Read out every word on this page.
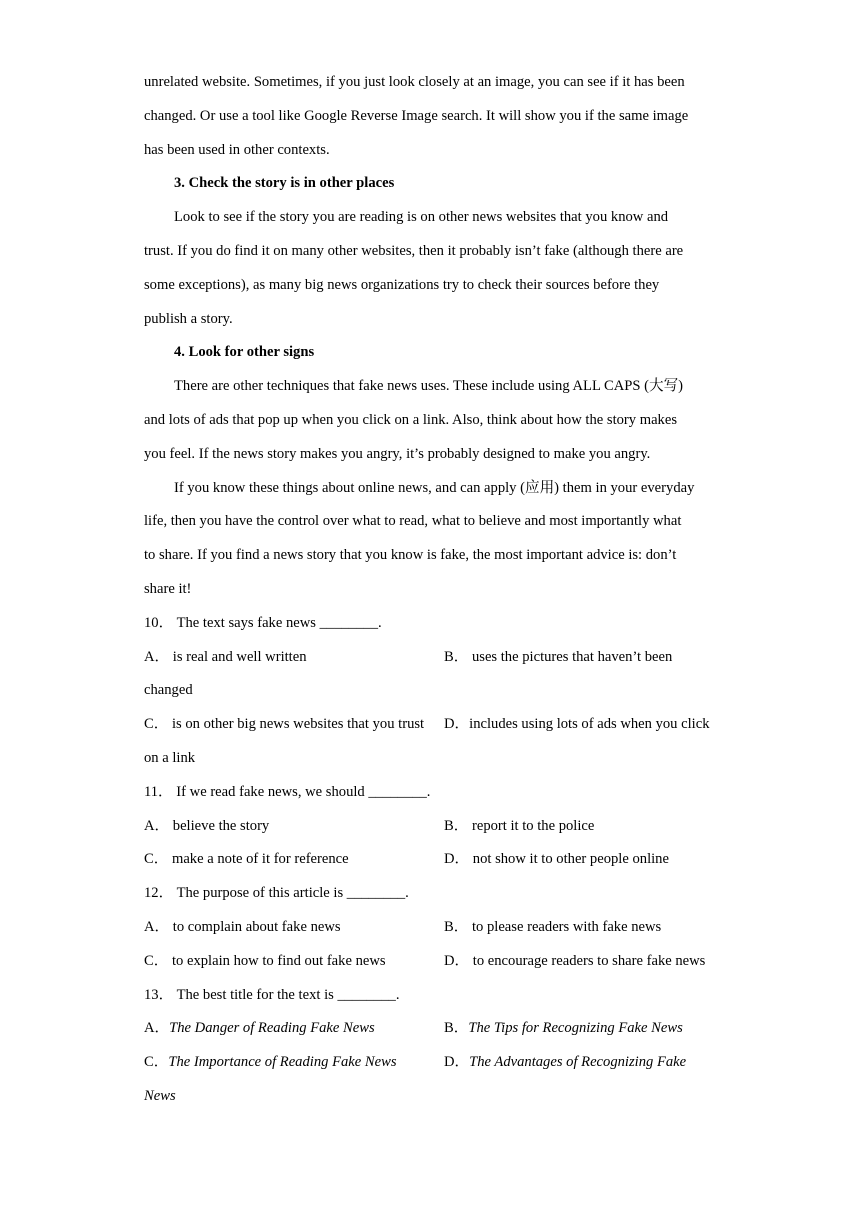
unrelated website. Sometimes, if you just look closely at an image, you can see if it has been
changed. Or use a tool like Google Reverse Image search. It will show you if the same image
has been used in other contexts.
3. Check the story is in other places
Look to see if the story you are reading is on other news websites that you know and
trust. If you do find it on many other websites, then it probably isn’t fake (although there are
some exceptions), as many big news organizations try to check their sources before they
publish a story.
4. Look for other signs
There are other techniques that fake news uses. These include using ALL CAPS (大写)
and lots of ads that pop up when you click on a link. Also, think about how the story makes
you feel. If the news story makes you angry, it’s probably designed to make you angry.
If you know these things about online news, and can apply (应用) them in your everyday
life, then you have the control over what to read, what to believe and most importantly what
to share. If you find a news story that you know is fake, the most important advice is: don’t
share it!
10． The text says fake news ________.
A． is real and well written	B． uses the pictures that haven’t been
changed
C． is on other big news websites that you trust D．includes using lots of ads when you click
on a link
11． If we read fake news, we should ________.
A． believe the story	B． report it to the police
C． make a note of it for reference	D． not show it to other people online
12． The purpose of this article is ________.
A． to complain about fake news	B． to please readers with fake news
C． to explain how to find out fake news	D． to encourage readers to share fake news
13． The best title for the text is ________.
A．The Danger of Reading Fake News	B．The Tips for Recognizing Fake News
C．The Importance of Reading Fake News	D．The Advantages of Recognizing Fake
News
